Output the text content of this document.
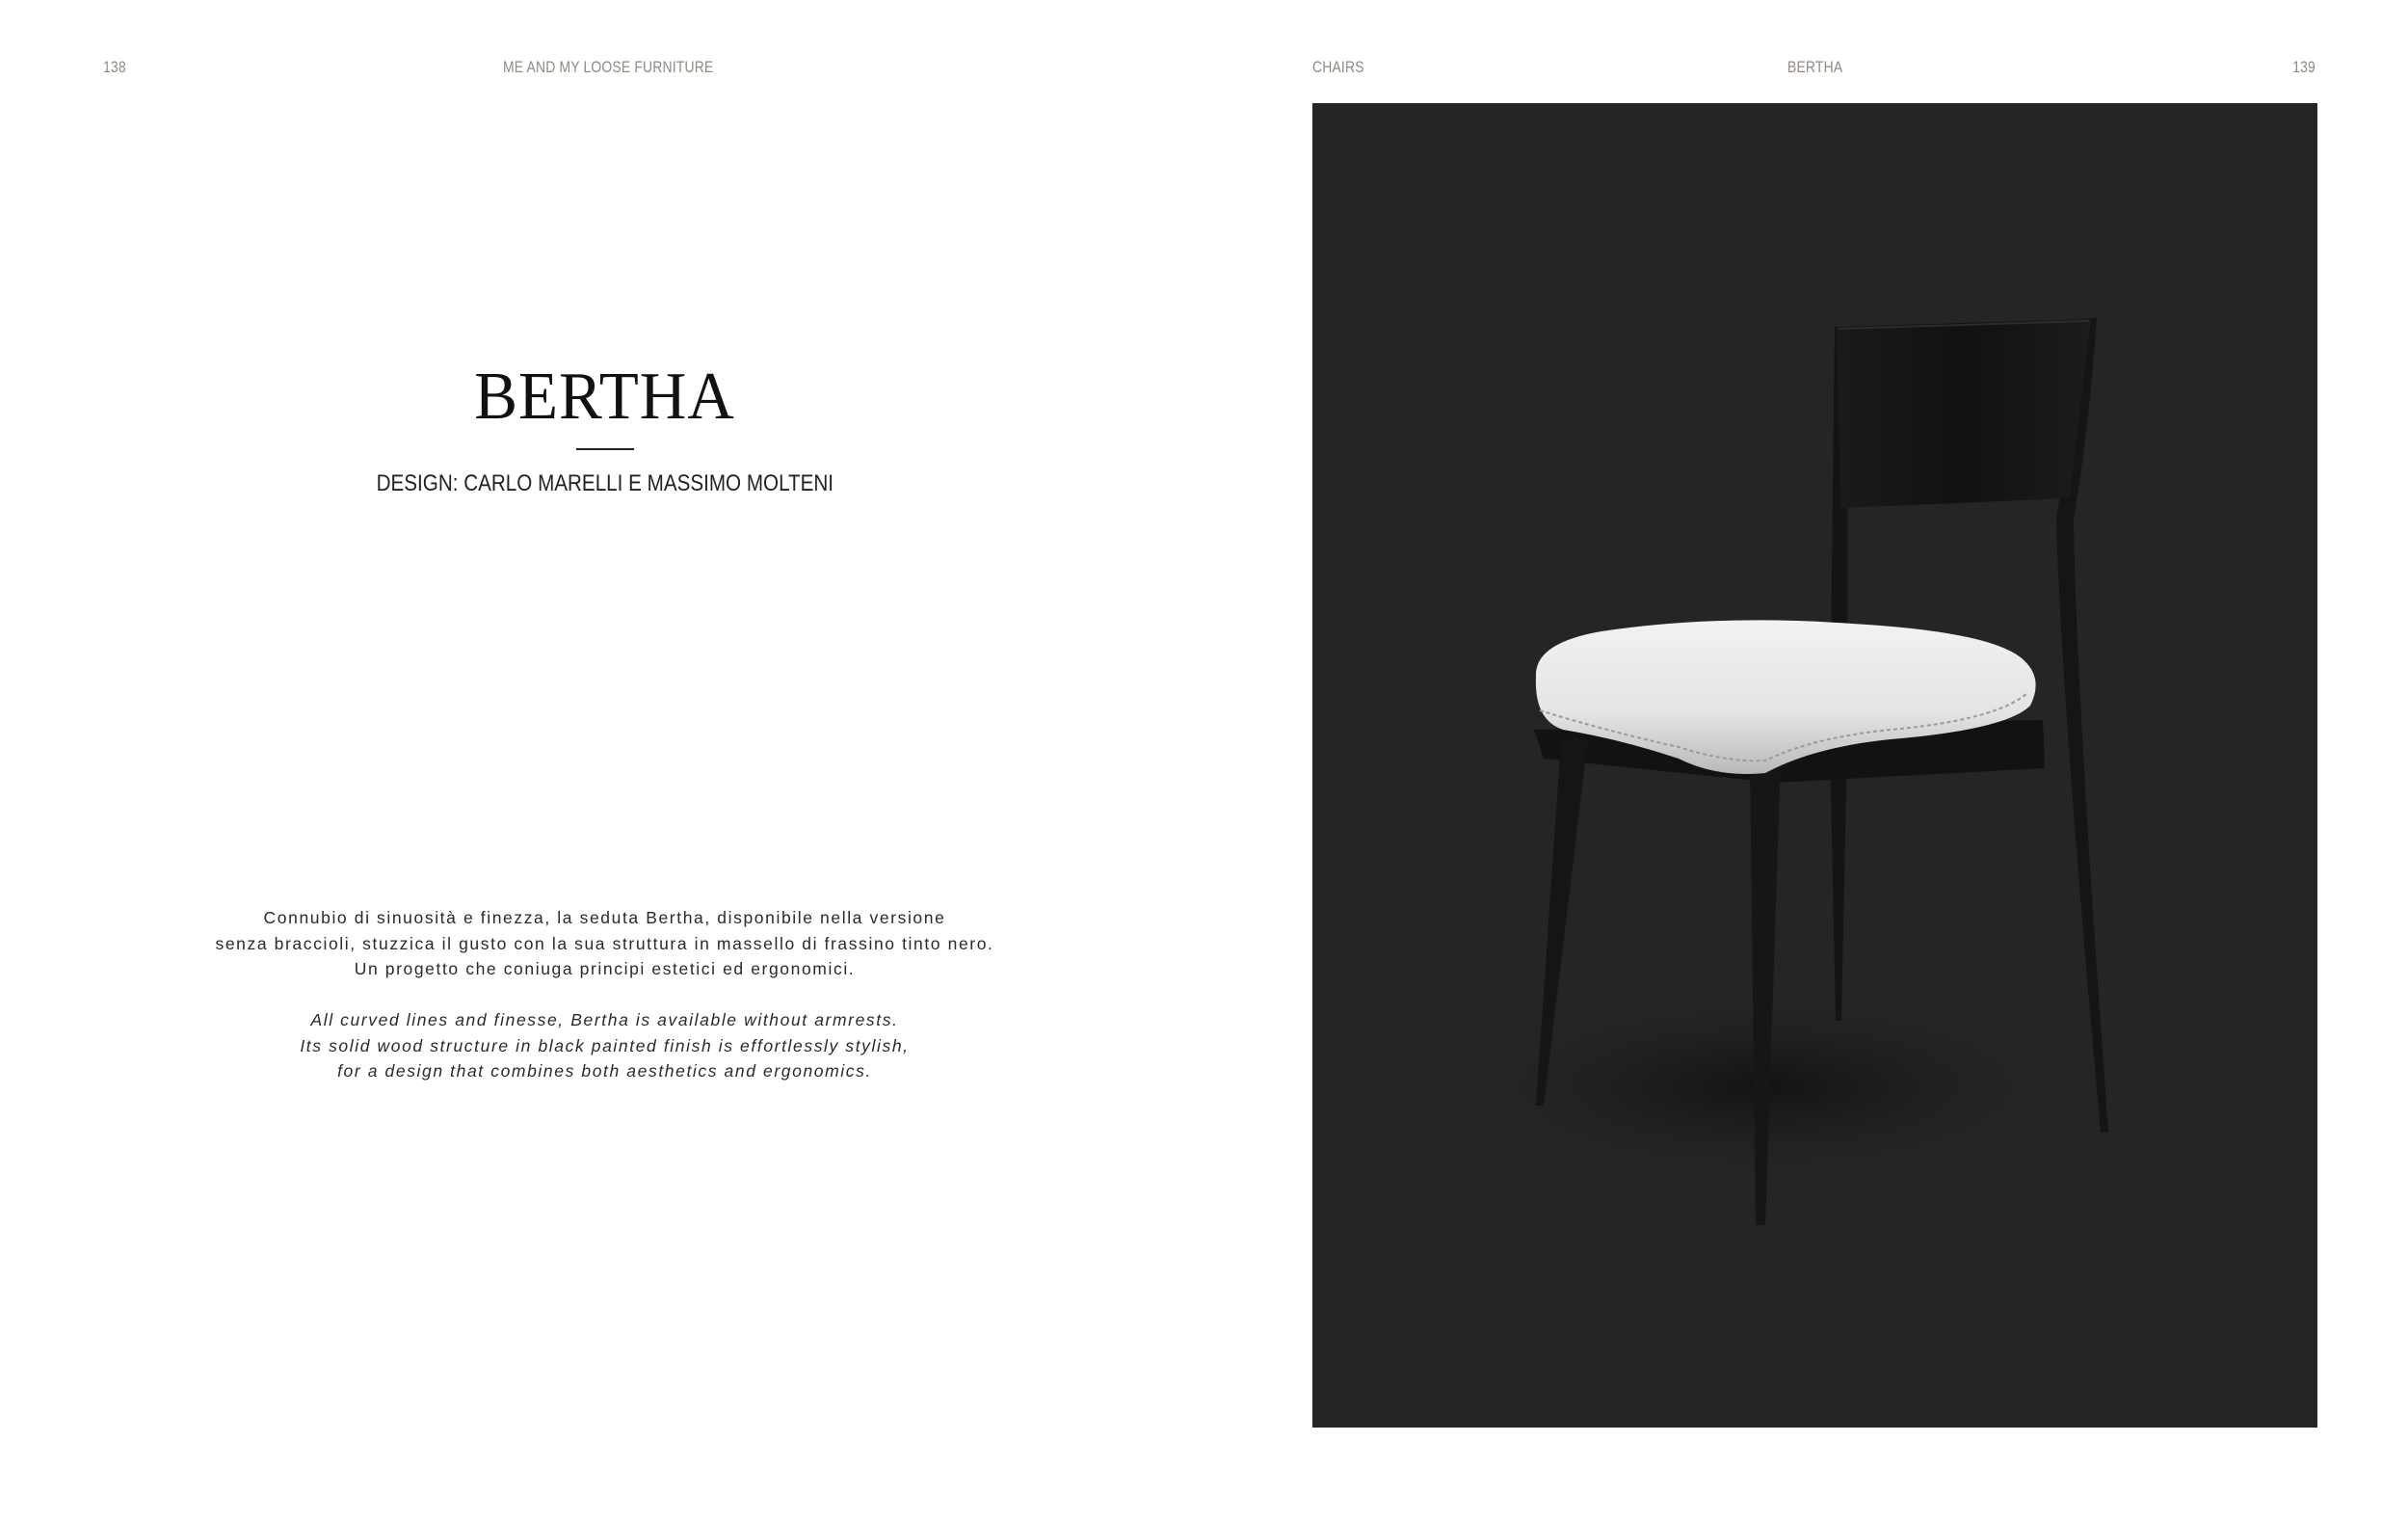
138	ME AND MY LOOSE FURNITURE	CHAIRS	BERTHA	139
BERTHA
DESIGN: CARLO MARELLI E MASSIMO MOLTENI
Connubio di sinuosità e finezza, la seduta Bertha, disponibile nella versione
senza braccioli, stuzzica il gusto con la sua struttura in massello di frassino tinto nero.
Un progetto che coniuga principi estetici ed ergonomici.
All curved lines and finesse, Bertha is available without armrests.
Its solid wood structure in black painted finish is effortlessly stylish,
for a design that combines both aesthetics and ergonomics.
